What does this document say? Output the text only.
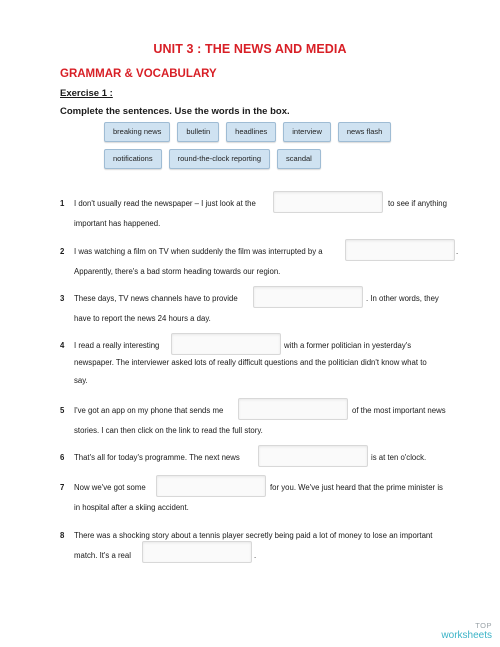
UNIT 3 : THE NEWS AND MEDIA
GRAMMAR & VOCABULARY
Exercise 1 :
Complete the sentences. Use the words in the box.
breaking news	bulletin	headlines	interview	news flash
notifications	round-the-clock reporting	scandal
1 I don't usually read the newspaper – I just look at the	to see if anything
important has happened.
2 I was watching a film on TV when suddenly the film was interrupted by a	.
Apparently, there's a bad storm heading towards our region.
3 These days, TV news channels have to provide	. In other words, they
have to report the news 24 hours a day.
4 I read a really interesting	with a former politician in yesterday's
newspaper. The interviewer asked lots of really difficult questions and the politician didn't know what to
say.
5 I've got an app on my phone that sends me	of the most important news
stories. I can then click on the link to read the full story.
6 That's all for today's programme. The next news	is at ten o'clock.
7 Now we've got some	for you. We've just heard that the prime minister is
in hospital after a skiing accident.
8 There was a shocking story about a tennis player secretly being paid a lot of money to lose an important
match. It's a real	.
TOP
worksheets
